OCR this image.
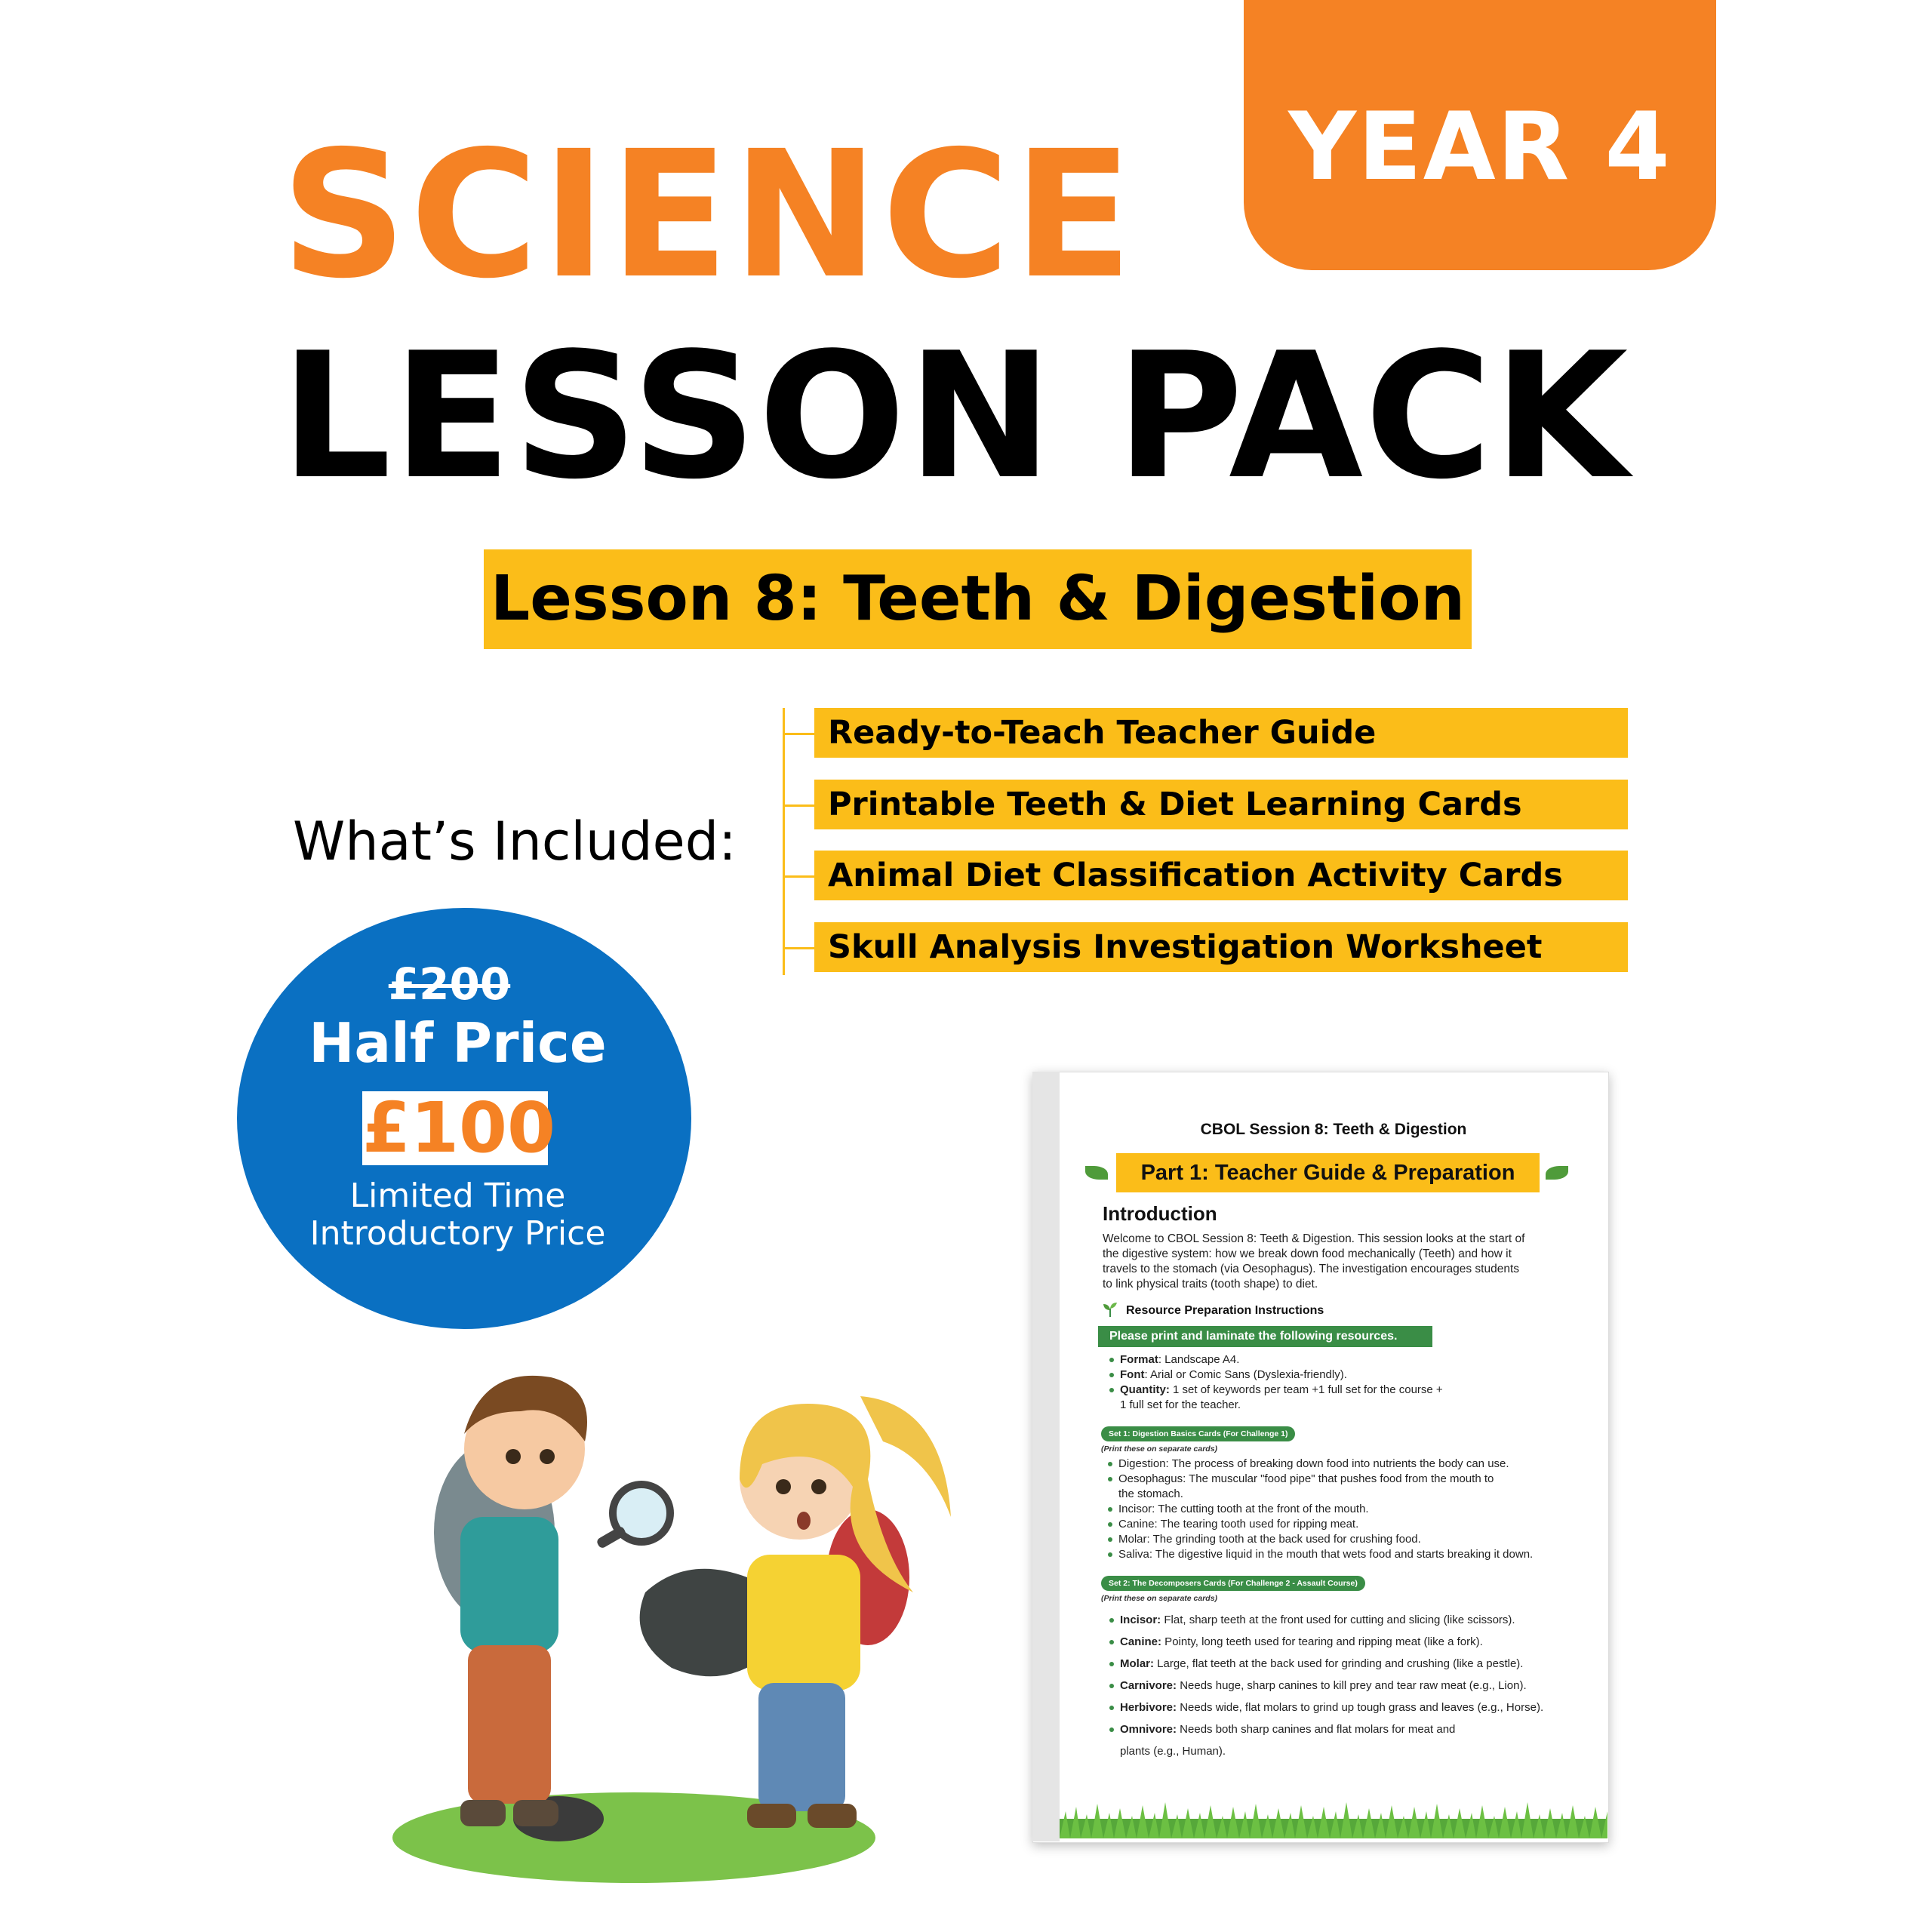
YEAR 4
SCIENCE
LESSON PACK
Lesson 8: Teeth & Digestion
What’s Included:
Ready-to-Teach Teacher Guide
Printable Teeth & Diet Learning Cards
Animal Diet Classification Activity Cards
Skull Analysis Investigation Worksheet
£200
Half Price
£100
Limited Time
Introductory Price
CBOL Session 8: Teeth & Digestion
Part 1: Teacher Guide & Preparation
Introduction
Welcome to CBOL Session 8: Teeth & Digestion. This session looks at the start of
the digestive system: how we break down food mechanically (Teeth) and how it
travels to the stomach (via Oesophagus). The investigation encourages students
to link physical traits (tooth shape) to diet.
Resource Preparation Instructions
Please print and laminate the following resources.
Format: Landscape A4.
Font: Arial or Comic Sans (Dyslexia-friendly).
Quantity: 1 set of keywords per team +1 full set for the course +
1 full set for the teacher.
Set 1: Digestion Basics Cards (For Challenge 1)
(Print these on separate cards)
Digestion: The process of breaking down food into nutrients the body can use.
Oesophagus: The muscular "food pipe" that pushes food from the mouth to
the stomach.
Incisor: The cutting tooth at the front of the mouth.
Canine: The tearing tooth used for ripping meat.
Molar: The grinding tooth at the back used for crushing food.
Saliva: The digestive liquid in the mouth that wets food and starts breaking it down.
Set 2: The Decomposers Cards (For Challenge 2 - Assault Course)
(Print these on separate cards)
Incisor: Flat, sharp teeth at the front used for cutting and slicing (like scissors).
Canine: Pointy, long teeth used for tearing and ripping meat (like a fork).
Molar: Large, flat teeth at the back used for grinding and crushing (like a pestle).
Carnivore: Needs huge, sharp canines to kill prey and tear raw meat (e.g., Lion).
Herbivore: Needs wide, flat molars to grind up tough grass and leaves (e.g., Horse).
Omnivore: Needs both sharp canines and flat molars for meat and
plants (e.g., Human).
